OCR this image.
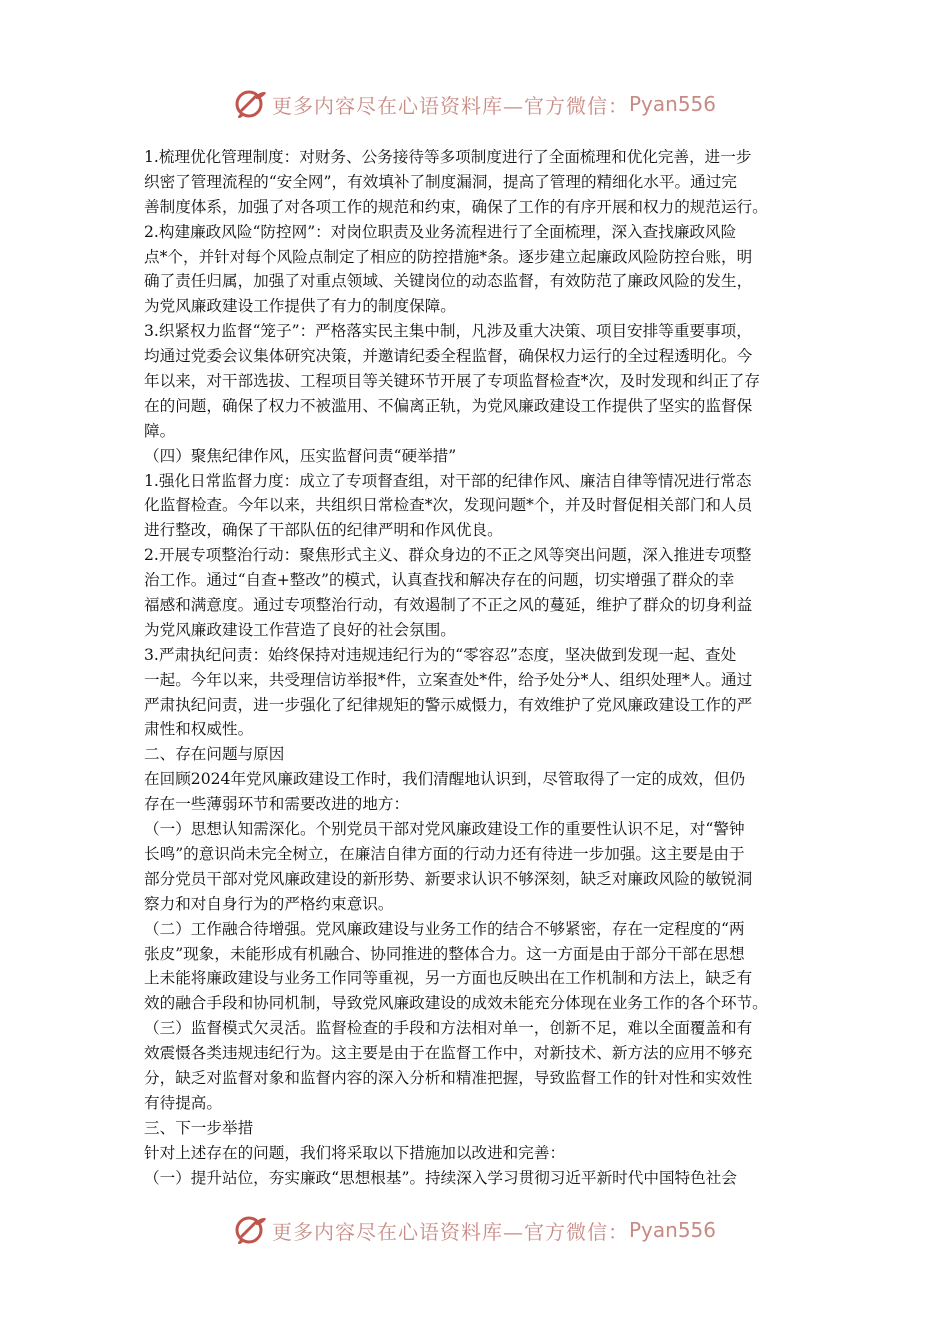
更多内容尽在心语资料库—官方微信： Pyan556
1.梳理优化管理制度：对财务、公务接待等多项制度进行了全面梳理和优化完善，进一步
织密了管理流程的“安全网”，有效填补了制度漏洞，提高了管理的精细化水平。通过完
善制度体系，加强了对各项工作的规范和约束，确保了工作的有序开展和权力的规范运行。
2.构建廉政风险“防控网”：对岗位职责及业务流程进行了全面梳理，深入查找廉政风险
点*个，并针对每个风险点制定了相应的防控措施*条。逐步建立起廉政风险防控台账，明
确了责任归属，加强了对重点领域、关键岗位的动态监督，有效防范了廉政风险的发生，
为党风廉政建设工作提供了有力的制度保障。
3.织紧权力监督“笼子”：严格落实民主集中制，凡涉及重大决策、项目安排等重要事项，
均通过党委会议集体研究决策，并邀请纪委全程监督，确保权力运行的全过程透明化。今
年以来，对干部选拔、工程项目等关键环节开展了专项监督检查*次，及时发现和纠正了存
在的问题，确保了权力不被滥用、不偏离正轨，为党风廉政建设工作提供了坚实的监督保
障。
（四）聚焦纪律作风，压实监督问责“硬举措”
1.强化日常监督力度：成立了专项督查组，对干部的纪律作风、廉洁自律等情况进行常态
化监督检查。今年以来，共组织日常检查*次，发现问题*个，并及时督促相关部门和人员
进行整改，确保了干部队伍的纪律严明和作风优良。
2.开展专项整治行动：聚焦形式主义、群众身边的不正之风等突出问题，深入推进专项整
治工作。通过“自查+整改”的模式，认真查找和解决存在的问题，切实增强了群众的幸
福感和满意度。通过专项整治行动，有效遏制了不正之风的蔓延，维护了群众的切身利益
为党风廉政建设工作营造了良好的社会氛围。
3.严肃执纪问责：始终保持对违规违纪行为的“零容忍”态度，坚决做到发现一起、查处
一起。今年以来，共受理信访举报*件，立案查处*件，给予处分*人、组织处理*人。通过
严肃执纪问责，进一步强化了纪律规矩的警示威慑力，有效维护了党风廉政建设工作的严
肃性和权威性。
二、存在问题与原因
在回顾2024年党风廉政建设工作时，我们清醒地认识到，尽管取得了一定的成效，但仍
存在一些薄弱环节和需要改进的地方：
（一）思想认知需深化。个别党员干部对党风廉政建设工作的重要性认识不足，对“警钟
长鸣”的意识尚未完全树立，在廉洁自律方面的行动力还有待进一步加强。这主要是由于
部分党员干部对党风廉政建设的新形势、新要求认识不够深刻，缺乏对廉政风险的敏锐洞
察力和对自身行为的严格约束意识。
（二）工作融合待增强。党风廉政建设与业务工作的结合不够紧密，存在一定程度的“两
张皮”现象，未能形成有机融合、协同推进的整体合力。这一方面是由于部分干部在思想
上未能将廉政建设与业务工作同等重视，另一方面也反映出在工作机制和方法上，缺乏有
效的融合手段和协同机制，导致党风廉政建设的成效未能充分体现在业务工作的各个环节。
（三）监督模式欠灵活。监督检查的手段和方法相对单一，创新不足，难以全面覆盖和有
效震慑各类违规违纪行为。这主要是由于在监督工作中，对新技术、新方法的应用不够充
分，缺乏对监督对象和监督内容的深入分析和精准把握，导致监督工作的针对性和实效性
有待提高。
三、下一步举措
针对上述存在的问题，我们将采取以下措施加以改进和完善：
（一）提升站位，夯实廉政“思想根基”。持续深入学习贯彻习近平新时代中国特色社会
更多内容尽在心语资料库—官方微信： Pyan556
